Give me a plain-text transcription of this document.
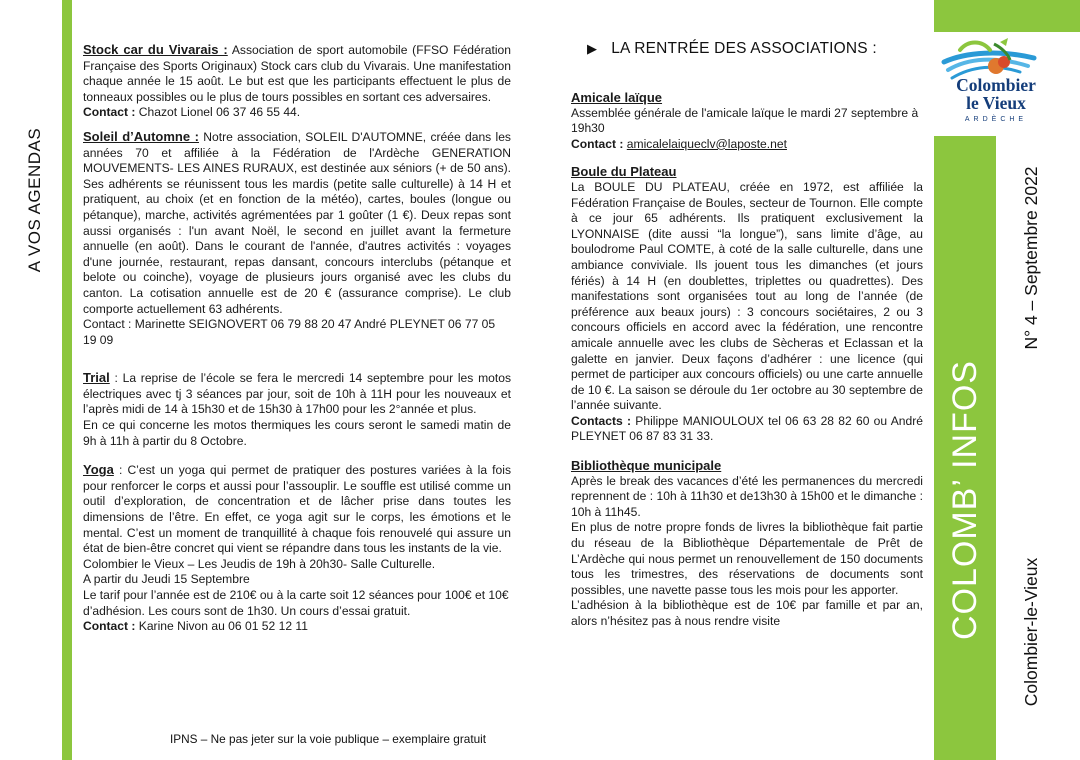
A VOS AGENDAS

Stock car du Vivarais : Association de sport automobile (FFSO Fédération Française des Sports Originaux) Stock cars club du Vivarais. Une manifestation chaque année le 15 août. Le but est que les participants effectuent le plus de tonneaux possibles ou le plus de tours possibles en sortant ces adversaires.

Contact : Chazot Lionel 06 37 46 55 44.

Soleil d’Automne : Notre association, SOLEIL D'AUTOMNE, créée dans les années 70 et affiliée à la Fédération de l'Ardèche GENERATION MOUVEMENTS- LES AINES RURAUX, est destinée aux séniors (+ de 50 ans). Ses adhérents se réunissent tous les mardis (petite salle culturelle) à 14 H et pratiquent, au choix (et en fonction de la météo), cartes, boules (longue ou pétanque), marche, activités agrémentées par 1 goûter (1 €). Deux repas sont aussi organisés : l'un avant Noël, le second en juillet avant la fermeture annuelle (en août). Dans le courant de l'année, d'autres activités : voyages d'une journée, restaurant, repas dansant, concours interclubs (pétanque et belote ou coinche), voyage de plusieurs jours organisé avec les clubs du canton. La cotisation annuelle est de 20 € (assurance comprise). Le club comporte actuellement 63 adhérents.

Contact : Marinette SEIGNOVERT 06 79 88 20 47 André PLEYNET 06 77 05 19 09

Trial : La reprise de l’école se fera le mercredi 14 septembre pour les motos électriques avec tj 3 séances par jour, soit de 10h à 11H pour les nouveaux et l’après midi de 14 à 15h30 et de 15h30 à 17h00 pour les 2°année et plus.

En ce qui concerne les motos thermiques les cours seront le samedi matin de 9h à 11h à partir du 8 Octobre.

Yoga : C’est un yoga qui permet de pratiquer des postures variées à la fois pour renforcer le corps et aussi pour l’assouplir. Le souffle est utilisé comme un outil d’exploration, de concentration et de lâcher prise dans toutes les dimensions de l’être. En effet, ce yoga agit sur le corps, les émotions et le mental. C’est un moment de tranquillité à chaque fois renouvelé qui assure un état de bien-être concret qui vient se répandre dans tous les instants de la vie.

Colombier le Vieux – Les Jeudis de 19h à 20h30- Salle Culturelle.

A partir du Jeudi 15 Septembre

Le tarif pour l’année est de 210€ ou à la carte soit 12 séances pour 100€ et 10€ d’adhésion. Les cours sont de 1h30. Un cours d’essai gratuit.

Contact : Karine Nivon au 06 01 52 12 11

▶ LA RENTRÉE DES ASSOCIATIONS :

Amicale laïque

Assemblée générale de l'amicale laïque le mardi 27 septembre à 19h30

Contact : amicalelaiqueclv@laposte.net

Boule du Plateau

La BOULE DU PLATEAU, créée en 1972, est affiliée la Fédération Française de Boules, secteur de Tournon. Elle compte à ce jour 65 adhérents. Ils pratiquent exclusivement la LYONNAISE (dite aussi “la longue”), sans limite d’âge, au boulodrome Paul COMTE, à coté de la salle culturelle, dans une ambiance conviviale. Ils jouent tous les dimanches (et jours fériés) à 14 H (en doublettes, triplettes ou quadrettes). Des manifestations sont organisées tout au long de l’année (de préférence aux beaux jours) : 3 concours sociétaires, 2 ou 3 concours officiels en accord avec la fédération, une rencontre amicale annuelle avec les clubs de Sècheras et Eclassan et la galette en janvier. Deux façons d’adhérer : une licence (qui permet de participer aux concours officiels) ou une carte annuelle de 10 €. La saison se déroule du 1er octobre au 30 septembre de l’année suivante.

Contacts : Philippe MANIOULOUX tel 06 63 28 82 60 ou André PLEYNET 06 87 83 31 33.

Bibliothèque municipale

Après le break des vacances d’été les permanences du mercredi reprennent de : 10h à 11h30 et de13h30 à 15h00 et le dimanche : 10h à 11h45.

En plus de notre propre fonds de livres la bibliothèque fait partie du réseau de la Bibliothèque Départementale de Prêt de L’Ardèche qui nous permet un renouvellement de 150 documents tous les trimestres, des réservations de documents sont possibles, une navette passe tous les mois pour les apporter.

L’adhésion à la bibliothèque est de 10€ par famille et par an, alors n’hésitez pas à nous rendre visite

IPNS – Ne pas jeter sur la voie publique – exemplaire gratuit
COLOMB’ INFOS
N° 4 – Septembre 2022
Colombier-le-Vieux
Colombier
le Vieux
ARDÈCHE
